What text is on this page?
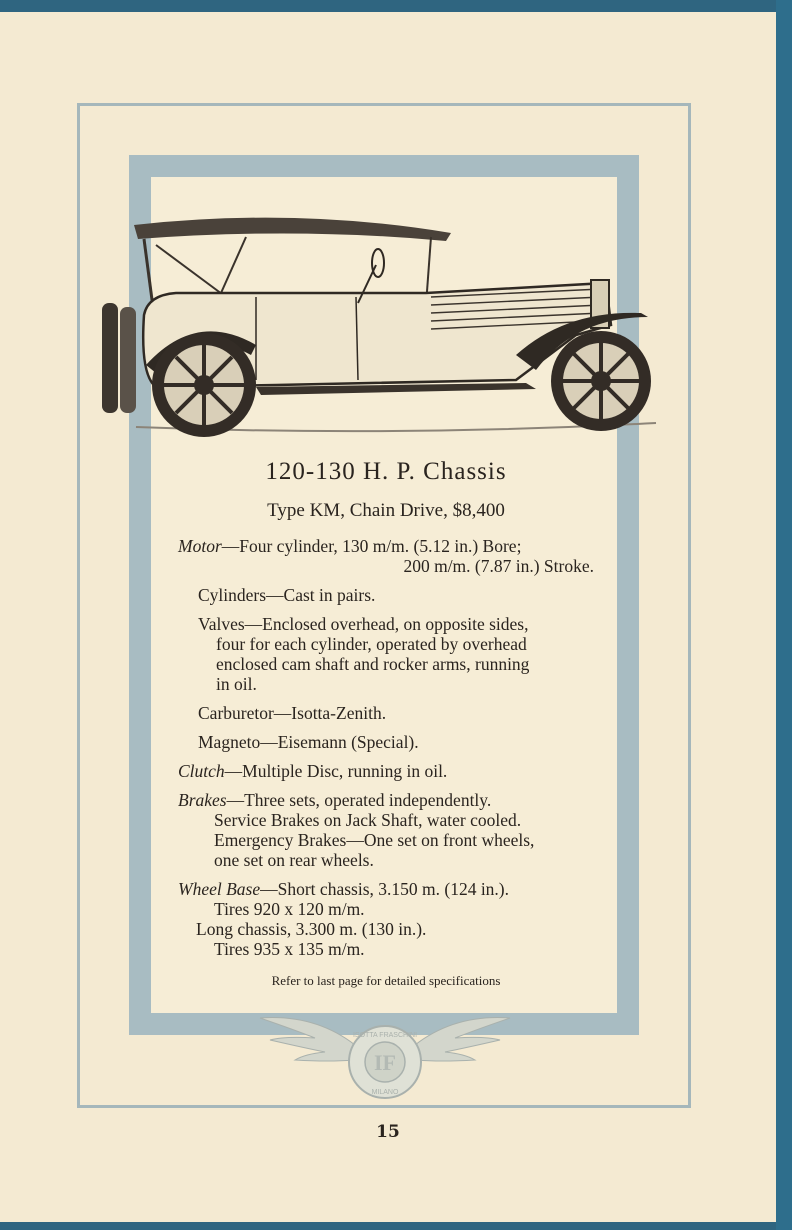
120-130 H. P. Chassis
Type KM, Chain Drive, $8,400
Motor—Four cylinder, 130 m/m. (5.12 in.) Bore;
200 m/m. (7.87 in.) Stroke.
Cylinders—Cast in pairs.
Valves—Enclosed overhead, on opposite sides,
four for each cylinder, operated by overhead
enclosed cam shaft and rocker arms, running
in oil.
Carburetor—Isotta-Zenith.
Magneto—Eisemann (Special).
Clutch—Multiple Disc, running in oil.
Brakes—Three sets, operated independently.
Service Brakes on Jack Shaft, water cooled.
Emergency Brakes—One set on front wheels,
one set on rear wheels.
Wheel Base—Short chassis, 3.150 m. (124 in.).
Tires 920 x 120 m/m.
Long chassis, 3.300 m. (130 in.).
Tires 935 x 135 m/m.
Refer to last page for detailed specifications
IF
ISOTTA FRASCHINI
MILANO
15
